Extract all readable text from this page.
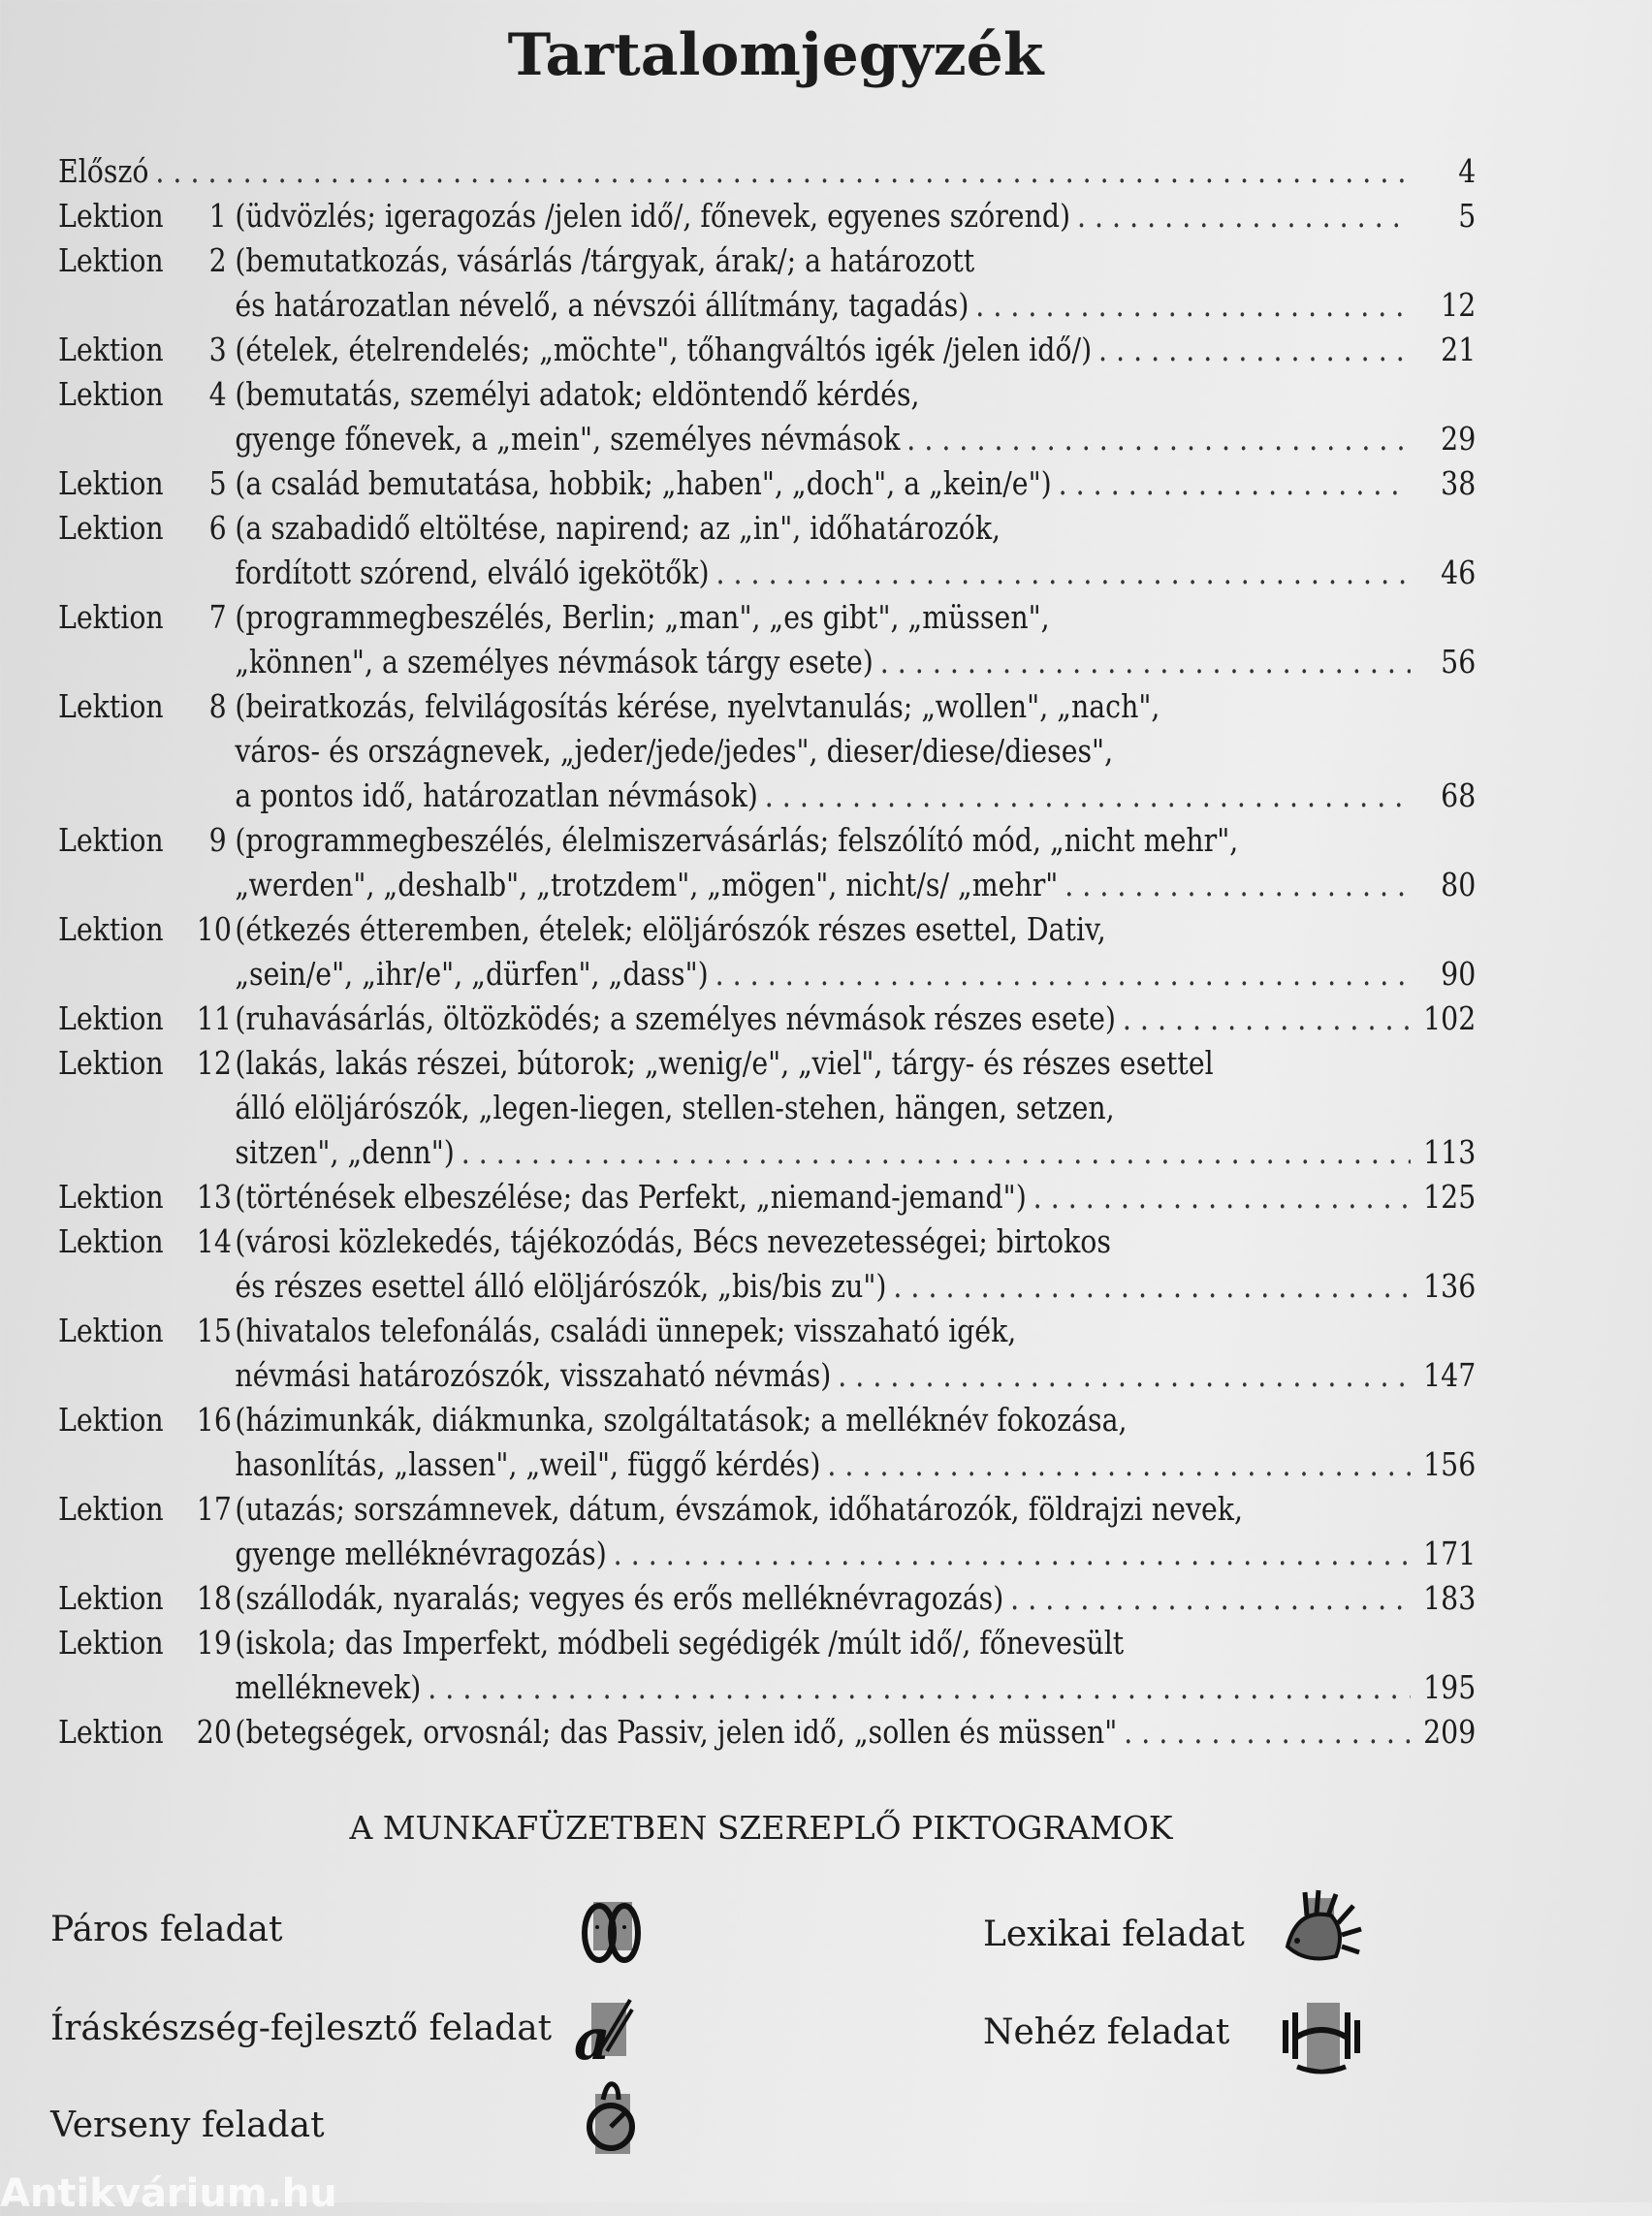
Tartalomjegyzék
Előszó . . .	4
Lektion	1 (üdvözlés; igeragozás /jelen idő/, főnevek, egyenes szórend) . . .	5
Lektion	2 (bemutatkozás, vásárlás /tárgyak, árak/; a határozott
és határozatlan névelő, a névszói állítmány, tagadás) . . .	12
Lektion	3 (ételek, ételrendelés; „möchte", tőhangváltós igék /jelen idő/) . . .	21
Lektion	4 (bemutatás, személyi adatok; eldöntendő kérdés,
gyenge főnevek, a „mein", személyes névmások . . .	29
Lektion	5 (a család bemutatása, hobbik; „haben", „doch", a „kein/e") . . .	38
Lektion	6 (a szabadidő eltöltése, napirend; az „in", időhatározók,
fordított szórend, elváló igekötők) . . .	46
Lektion	7 (programmegbeszélés, Berlin; „man", „es gibt", „müssen",
„können", a személyes névmások tárgy esete) . . .	56
Lektion	8 (beiratkozás, felvilágosítás kérése, nyelvtanulás; „wollen", „nach",
város- és országnevek, „jeder/jede/jedes", dieser/diese/dieses",
a pontos idő, határozatlan névmások) . . .	68
Lektion	9 (programmegbeszélés, élelmiszervásárlás; felszólító mód, „nicht mehr",
„werden", „deshalb", „trotzdem", „mögen", nicht/s/ „mehr" . . .	80
Lektion	10 (étkezés étteremben, ételek; elöljárószók részes esettel, Dativ,
„sein/e", „ihr/e", „dürfen", „dass") . . .	90
Lektion	11 (ruhavásárlás, öltözködés; a személyes névmások részes esete) . . .	102
Lektion	12 (lakás, lakás részei, bútorok; „wenig/e", „viel", tárgy- és részes esettel
álló elöljárószók, „legen-liegen, stellen-stehen, hängen, setzen,
sitzen", „denn") . . .	113
Lektion	13 (történések elbeszélése; das Perfekt, „niemand-jemand") . . .	125
Lektion	14 (városi közlekedés, tájékozódás, Bécs nevezetességei; birtokos
és részes esettel álló elöljárószók, „bis/bis zu") . . .	136
Lektion	15 (hivatalos telefonálás, családi ünnepek; visszaható igék,
névmási határozószók, visszaható névmás) . . .	147
Lektion	16 (házimunkák, diákmunka, szolgáltatások; a melléknév fokozása,
hasonlítás, „lassen", „weil", függő kérdés) . . .	156
Lektion	17 (utazás; sorszámnevek, dátum, évszámok, időhatározók, földrajzi nevek,
gyenge melléknévragozás) . . .	171
Lektion	18 (szállodák, nyaralás; vegyes és erős melléknévragozás) . . .	183
Lektion	19 (iskola; das Imperfekt, módbeli segédigék /múlt idő/, főnevesült
melléknevek) . . .	195
Lektion	20 (betegségek, orvosnál; das Passiv, jelen idő, „sollen és müssen" . . .	209
A MUNKAFÜZETBEN SZEREPLŐ PIKTOGRAMOK
Páros feladat
Íráskészség-fejlesztő feladat a
Verseny feladat
Lexikai feladat
Nehéz feladat
Antikvárium.hu
